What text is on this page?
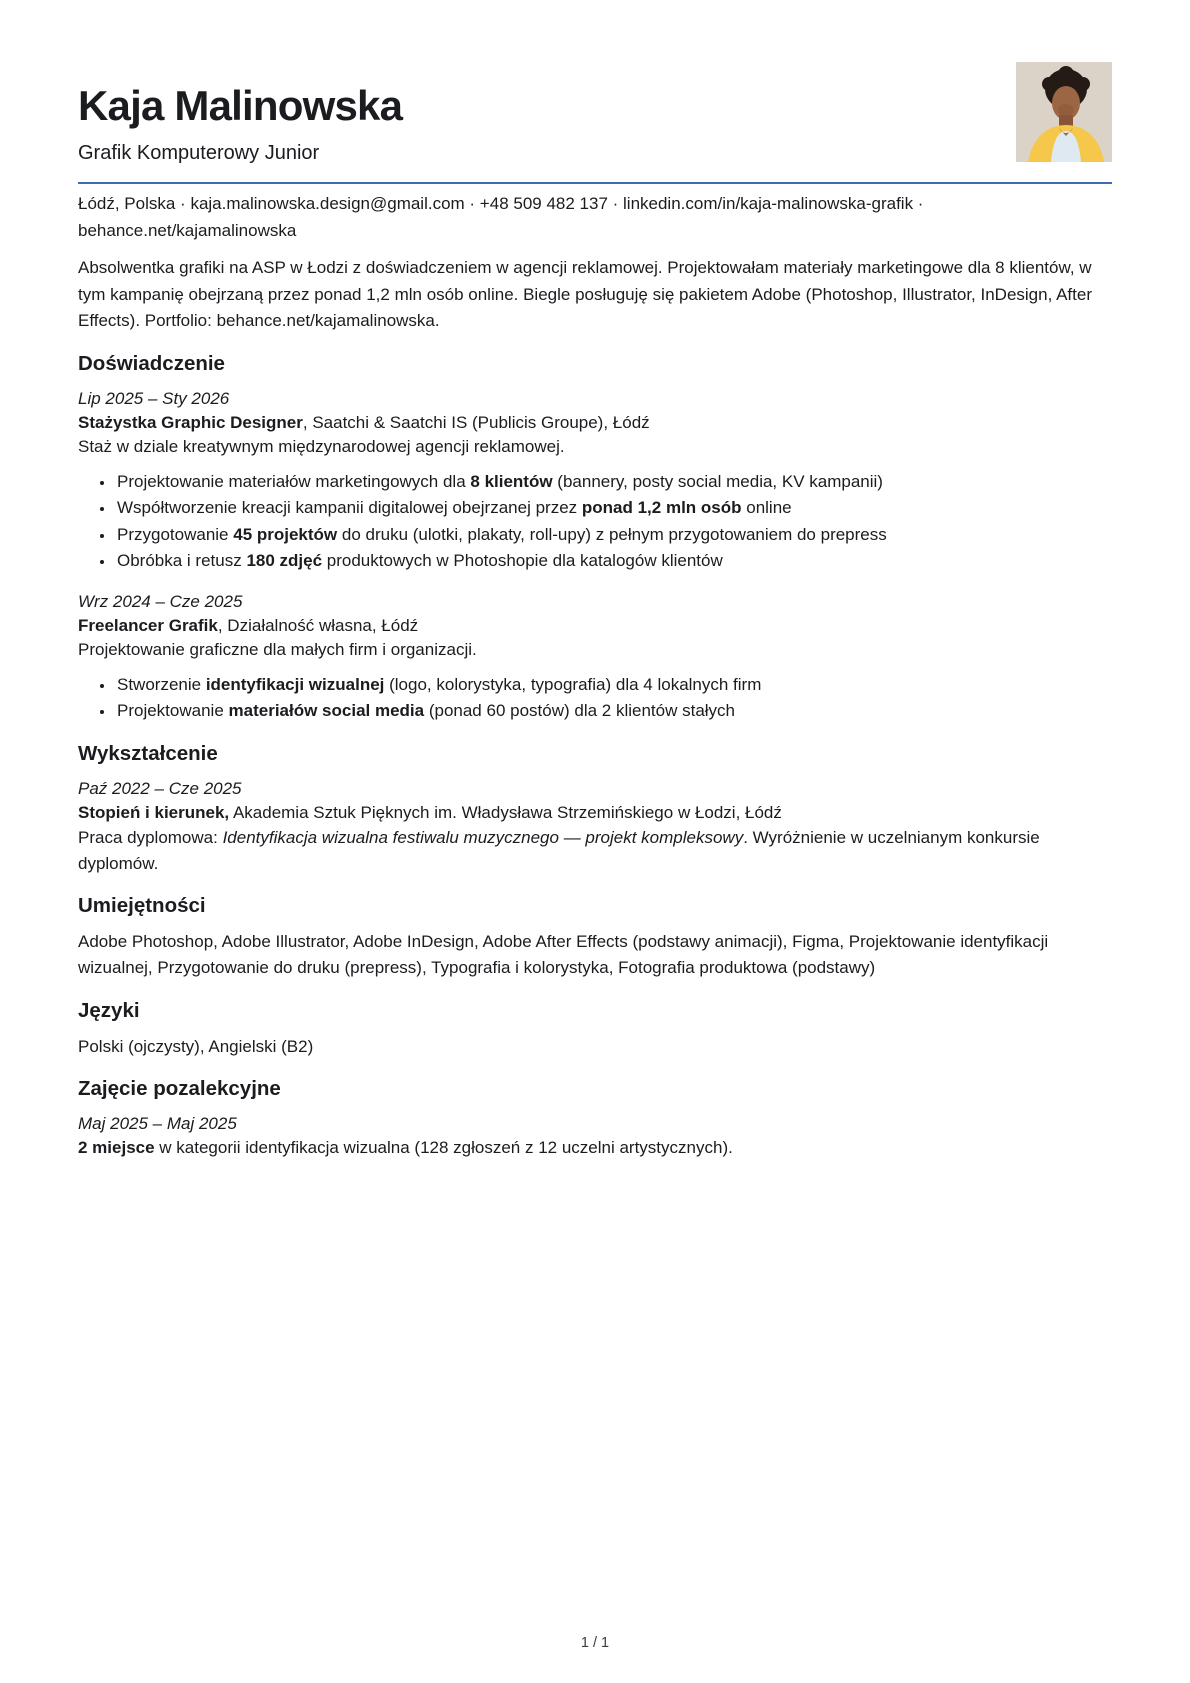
Kaja Malinowska
Grafik Komputerowy Junior

Łódź, Polska · kaja.malinowska.design@gmail.com · +48 509 482 137 · linkedin.com/in/kaja-malinowska-grafik · behance.net/kajamalinowska

Absolwentka grafiki na ASP w Łodzi z doświadczeniem w agencji reklamowej. Projektowałam materiały marketingowe dla 8 klientów, w tym kampanię obejrzaną przez ponad 1,2 mln osób online. Biegle posługuję się pakietem Adobe (Photoshop, Illustrator, InDesign, After Effects). Portfolio: behance.net/kajamalinowska.

Doświadczenie
Lip 2025 – Sty 2026
Stażystka Graphic Designer, Saatchi & Saatchi IS (Publicis Groupe), Łódź
Staż w dziale kreatywnym międzynarodowej agencji reklamowej.
• Projektowanie materiałów marketingowych dla 8 klientów (bannery, posty social media, KV kampanii)
• Współtworzenie kreacji kampanii digitalowej obejrzanej przez ponad 1,2 mln osób online
• Przygotowanie 45 projektów do druku (ulotki, plakaty, roll-upy) z pełnym przygotowaniem do prepress
• Obróbka i retusz 180 zdjęć produktowych w Photoshopie dla katalogów klientów
Wrz 2024 – Cze 2025
Freelancer Grafik, Działalność własna, Łódź
Projektowanie graficzne dla małych firm i organizacji.
• Stworzenie identyfikacji wizualnej (logo, kolorystyka, typografia) dla 4 lokalnych firm
• Projektowanie materiałów social media (ponad 60 postów) dla 2 klientów stałych
Wykształcenie
Paź 2022 – Cze 2025
Stopień i kierunek, Akademia Sztuk Pięknych im. Władysława Strzemińskiego w Łodzi, Łódź

Praca dyplomowa: Identyfikacja wizualna festiwalu muzycznego — projekt kompleksowy. Wyróżnienie w uczelnianym konkursie dyplomów.

Umiejętności

Adobe Photoshop, Adobe Illustrator, Adobe InDesign, Adobe After Effects (podstawy animacji), Figma, Projektowanie identyfikacji wizualnej, Przygotowanie do druku (prepress), Typografia i kolorystyka, Fotografia produktowa (podstawy)

Języki

Polski (ojczysty), Angielski (B2)

Zajęcie pozalekcyjne
Maj 2025 – Maj 2025
2 miejsce w kategorii identyfikacja wizualna (128 zgłoszeń z 12 uczelni artystycznych).
1 / 1
